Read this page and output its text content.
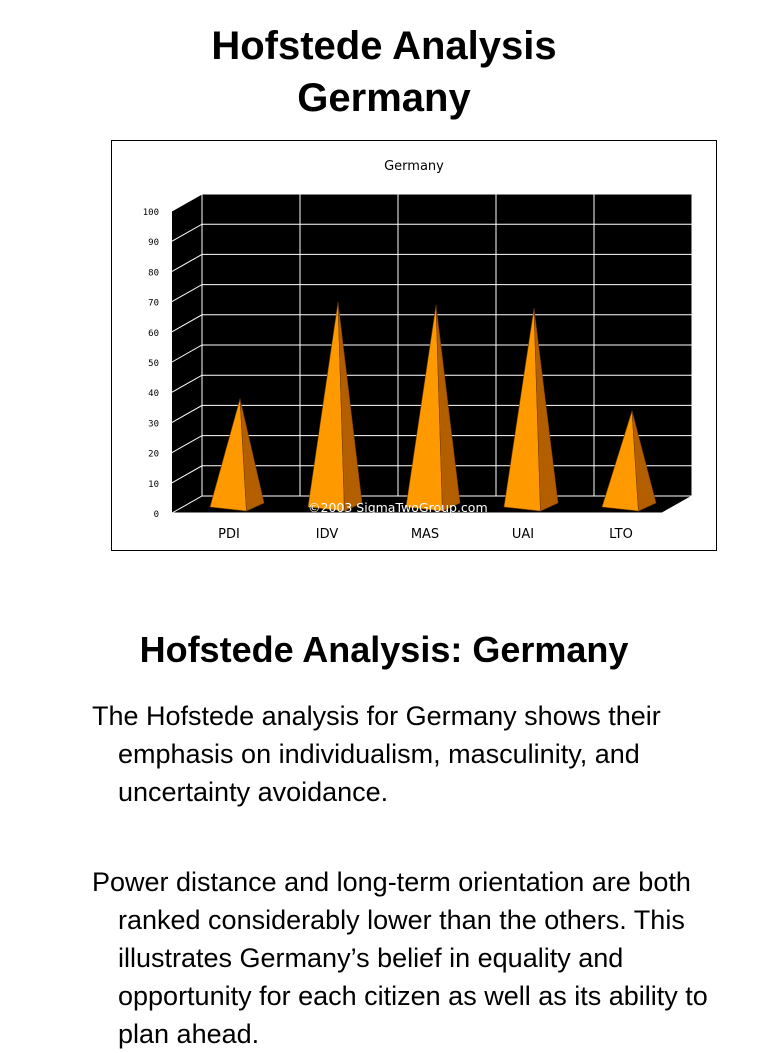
Hofstede Analysis
Germany
Germany
0
10
20
30
40
50
60
70
80
90
100
PDI	IDV	MAS	UAI	LTO
©2003 SigmaTwoGroup.com
Hofstede Analysis: Germany

The Hofstede analysis for Germany shows their emphasis on individualism, masculinity, and uncertainty avoidance.

Power distance and long-term orientation are both ranked considerably lower than the others. This illustrates Germany’s belief in equality and opportunity for each citizen as well as its ability to plan ahead.
